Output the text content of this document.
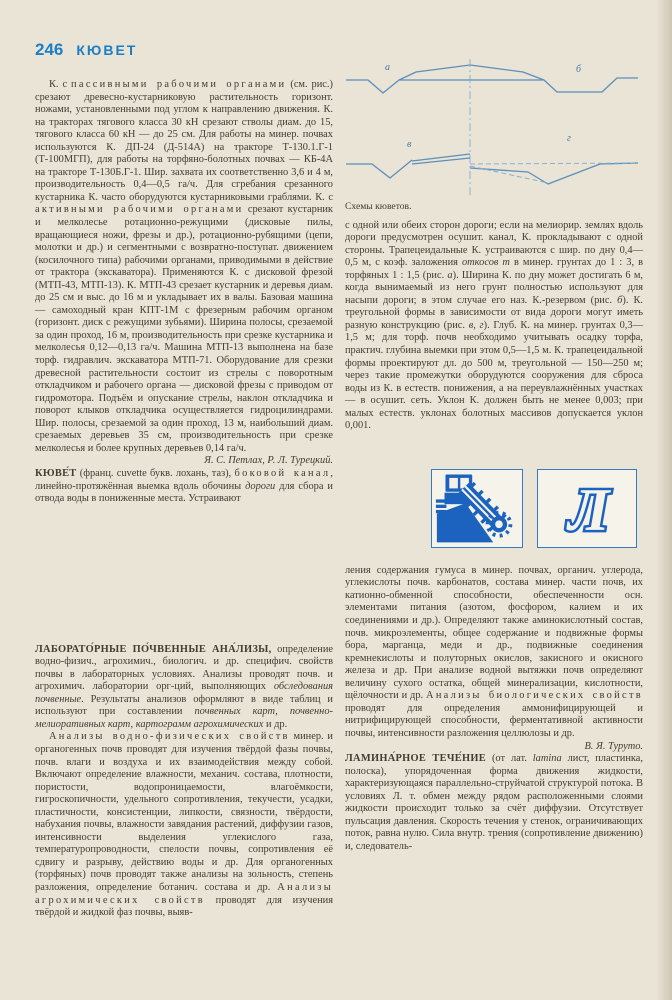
246 КЮВЕТ

К. с пассивными рабочими органами (см. рис.) срезают древесно-кустарниковую растительность горизонт. ножами, установленными под углом к направлению движения. К. на тракторах тягового класса 30 кН срезают стволы диам. до 15, тягового класса 60 кН — до 25 см. Для работы на минер. почвах используются К. ДП-24 (Д-514А) на тракторе Т-130.1.Г-1 (Т-100МГП), для работы на торфяно-болотных почвах — КБ-4А на тракторе Т-130Б.Г-1. Шир. захвата их соответственно 3,6 и 4 м, производительность 0,4—0,5 га/ч. Для сгребания срезанного кустарника К. часто оборудуются кустарниковыми граблями. К. с активными рабочими органами срезают кустарник и мелколесье ротационно-режущими (дисковые пилы, вращающиеся ножи, фрезы и др.), ротационно-рубящими (цепи, молотки и др.) и сегментными с возвратно-поступат. движением (косилочного типа) рабочими органами, приводимыми в действие от трактора (экскаватора). Применяются К. с дисковой фрезой (МТП-43, МТП-13). К. МТП-43 срезает кустарник и деревья диам. до 25 см и выс. до 16 м и укладывает их в валы. Базовая машина — самоходный кран КПТ-1М с фрезерным рабочим органом (горизонт. диск с режущими зубьями). Ширина полосы, срезаемой за один проход, 16 м, производительность при срезке кустарника и мелколесья 0,12—0,13 га/ч. Машина МТП-13 выполнена на базе торф. гидравлич. экскаватора МТП-71. Оборудование для срезки древесной растительности состоит из стрелы с поворотным откладчиком и рабочего органа — дисковой фрезы с приводом от гидромотора. Подъём и опускание стрелы, наклон откладчика и поворот клыков откладчика осуществляется гидроцилиндрами. Шир. полосы, срезаемой за один проход, 13 м, наибольший диам. срезаемых деревьев 35 см, производительность при срезке мелколесья и более крупных деревьев 0,14 га/ч.

Я. С. Петлах, Р. Л. Турецкий.

КЮВЕ́Т (франц. cuvette букв. лохань, таз), боковой канал, линейно-протяжённая выемка вдоль обочины дороги для сбора и отвода воды в пониженные места. Устраивают

ЛАБОРАТО́РНЫЕ ПО́ЧВЕННЫЕ АНА́ЛИЗЫ, определение водно-физич., агрохимич., биологич. и др. специфич. свойств почвы в лабораторных условиях. Анализы проводят почв. и агрохимич. лаборатории орг-ций, выполняющих обследования почвенные. Результаты анализов оформляют в виде таблиц и используют при составлении почвенных карт, почвенно-мелиоративных карт, картограмм агрохимических и др.

Анализы водно-физических свойств минер. и органогенных почв проводят для изучения твёрдой фазы почвы, почв. влаги и воздуха и их взаимодействия между собой. Включают определение влажности, механич. состава, плотности, пористости, водопроницаемости, влагоёмкости, гигроскопичности, удельного сопротивления, текучести, усадки, пластичности, консистенции, липкости, связности, твёрдости, набухания почвы, влажности завядания растений, диффузии газов, интенсивности выделения углекислого газа, температуропроводности, спелости почвы, сопротивления её сдвигу и разрыву, действию воды и др. Для органогенных (торфяных) почв проводят также анализы на зольность, степень разложения, определение ботанич. состава и др. Анализы агрохимических свойств проводят для изучения твёрдой и жидкой фаз почвы, выяв-

а	б
в
г
Схемы кюветов.

с одной или обеих сторон дороги; если на мелиорир. землях вдоль дороги предусмотрен осушит. канал, К. прокладывают с одной стороны. Трапецеидальные К. устраиваются с шир. по дну 0,4—0,5 м, с коэф. заложения откосов m в минер. грунтах до 1 : 3, в торфяных 1 : 1,5 (рис. а). Ширина К. по дну может достигать 6 м, когда вынимаемый из него грунт полностью используют для насыпи дороги; в этом случае его наз. К.-резервом (рис. б). К. треугольной формы в зависимости от вида дороги могут иметь разную конструкцию (рис. в, г). Глуб. К. на минер. грунтах 0,3—1,5 м; для торф. почв необходимо учитывать осадку торфа, практич. глубина выемки при этом 0,5—1,5 м. К. трапецеидальной формы проектируют дл. до 500 м, треугольной — 150—250 м; через такие промежутки оборудуются сооружения для сброса воды из К. в естеств. понижения, а на переувлажнённых участках — в осушит. сеть. Уклон К. должен быть не менее 0,003; при малых естеств. уклонах болотных массивов допускается уклон 0,001.

Л

ления содержания гумуса в минер. почвах, органич. углерода, углекислоты почв. карбонатов, состава минер. части почв, их катионно-обменной способности, обеспеченности осн. элементами питания (азотом, фосфором, калием и их соединениями и др.). Определяют также аминокислотный состав, почв. микроэлементы, общее содержание и подвижные формы бора, марганца, меди и др., подвижные соединения кремнекислоты и полуторных окислов, закисного и окисного железа и др. При анализе водной вытяжки почв определяют величину сухого остатка, общей минерализации, кислотности, щёлочности и др. Анализы биологических свойств проводят для определения аммонифицирующей и нитрифицирующей способности, ферментативной активности почвы, интенсивности разложения целлюлозы и др.

В. Я. Туруто.

ЛАМИНА́РНОЕ ТЕЧЕ́НИЕ (от лат. lamina лист, пластинка, полоска), упорядоченная форма движения жидкости, характеризующаяся параллельно-струйчатой структурой потока. В условиях Л. т. обмен между рядом расположенными слоями жидкости происходит только за счёт диффузии. Отсутствует пульсация давления. Скорость течения у стенок, ограничивающих поток, равна нулю. Сила внутр. трения (сопротивление движению) и, следователь-
